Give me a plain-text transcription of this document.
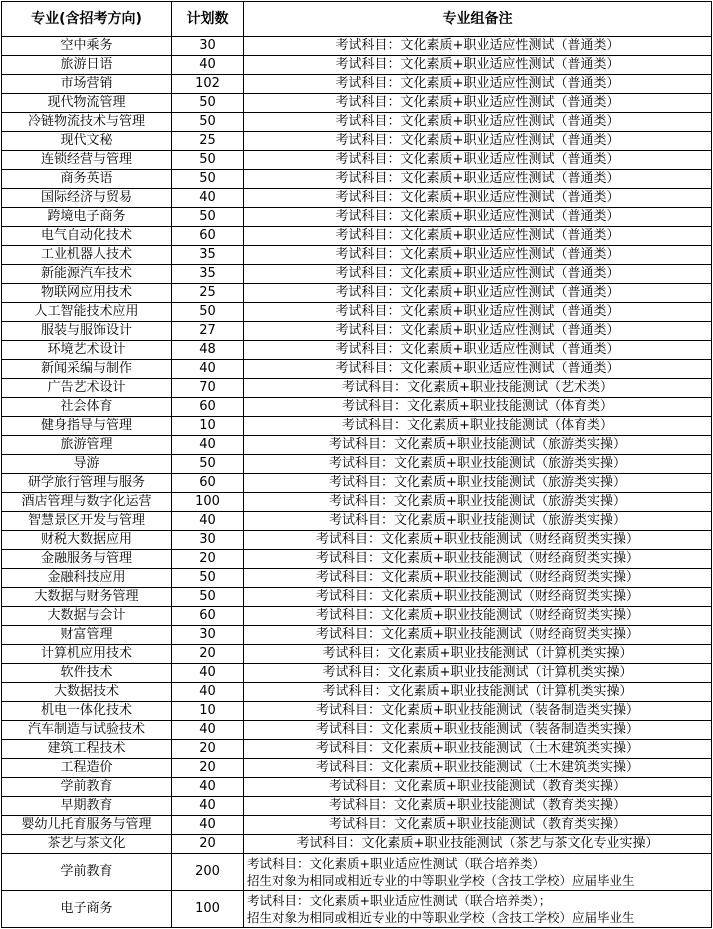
专业(含招考方向)	计划数	专业组备注
空中乘务	30	考试科目：文化素质+职业适应性测试（普通类）
旅游日语	40	考试科目：文化素质+职业适应性测试（普通类）
市场营销	102	考试科目：文化素质+职业适应性测试（普通类）
现代物流管理	50	考试科目：文化素质+职业适应性测试（普通类）
冷链物流技术与管理	50	考试科目：文化素质+职业适应性测试（普通类）
现代文秘	25	考试科目：文化素质+职业适应性测试（普通类）
连锁经营与管理	50	考试科目：文化素质+职业适应性测试（普通类）
商务英语	50	考试科目：文化素质+职业适应性测试（普通类）
国际经济与贸易	40	考试科目：文化素质+职业适应性测试（普通类）
跨境电子商务	50	考试科目：文化素质+职业适应性测试（普通类）
电气自动化技术	60	考试科目：文化素质+职业适应性测试（普通类）
工业机器人技术	35	考试科目：文化素质+职业适应性测试（普通类）
新能源汽车技术	35	考试科目：文化素质+职业适应性测试（普通类）
物联网应用技术	25	考试科目：文化素质+职业适应性测试（普通类）
人工智能技术应用	50	考试科目：文化素质+职业适应性测试（普通类）
服装与服饰设计	27	考试科目：文化素质+职业适应性测试（普通类）
环境艺术设计	48	考试科目：文化素质+职业适应性测试（普通类）
新闻采编与制作	40	考试科目：文化素质+职业适应性测试（普通类）
广告艺术设计	70	考试科目：文化素质+职业技能测试（艺术类）
社会体育	60	考试科目：文化素质+职业技能测试（体育类）
健身指导与管理	10	考试科目：文化素质+职业技能测试（体育类）
旅游管理	40	考试科目：文化素质+职业技能测试（旅游类实操）
导游	50	考试科目：文化素质+职业技能测试（旅游类实操）
研学旅行管理与服务	60	考试科目：文化素质+职业技能测试（旅游类实操）
酒店管理与数字化运营	100	考试科目：文化素质+职业技能测试（旅游类实操）
智慧景区开发与管理	40	考试科目：文化素质+职业技能测试（旅游类实操）
财税大数据应用	30	考试科目：文化素质+职业技能测试（财经商贸类实操）
金融服务与管理	20	考试科目：文化素质+职业技能测试（财经商贸类实操）
金融科技应用	50	考试科目：文化素质+职业技能测试（财经商贸类实操）
大数据与财务管理	50	考试科目：文化素质+职业技能测试（财经商贸类实操）
大数据与会计	60	考试科目：文化素质+职业技能测试（财经商贸类实操）
财富管理	30	考试科目：文化素质+职业技能测试（财经商贸类实操）
计算机应用技术	20	考试科目：文化素质+职业技能测试（计算机类实操）
软件技术	40	考试科目：文化素质+职业技能测试（计算机类实操）
大数据技术	40	考试科目：文化素质+职业技能测试（计算机类实操）
机电一体化技术	10	考试科目：文化素质+职业技能测试（装备制造类实操）
汽车制造与试验技术	40	考试科目：文化素质+职业技能测试（装备制造类实操）
建筑工程技术	20	考试科目：文化素质+职业技能测试（土木建筑类实操）
工程造价	20	考试科目：文化素质+职业技能测试（土木建筑类实操）
学前教育	40	考试科目：文化素质+职业技能测试（教育类实操）
早期教育	40	考试科目：文化素质+职业技能测试（教育类实操）
婴幼儿托育服务与管理	40	考试科目：文化素质+职业技能测试（教育类实操）
茶艺与茶文化	20	考试科目：文化素质+职业技能测试（茶艺与茶文化专业实操）
学前教育	200	考试科目：文化素质+职业适应性测试（联合培养类）
招生对象为相同或相近专业的中等职业学校（含技工学校）应届毕业生

电子商务	100	考试科目：文化素质+职业适应性测试（联合培养类）；
招生对象为相同或相近专业的中等职业学校（含技工学校）应届毕业生
